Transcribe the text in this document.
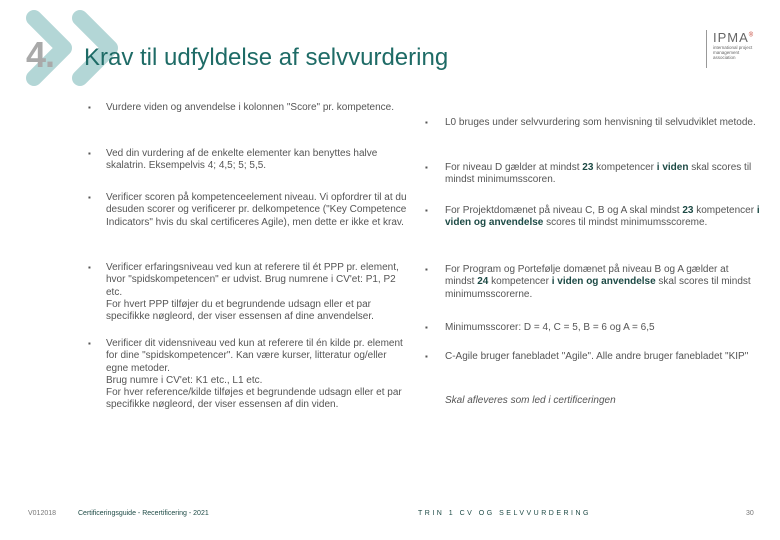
4. Krav til udfyldelse af selvvurdering
IPMA®
international project management association
▪ Vurdere viden og anvendelse i kolonnen "Score" pr. kompetence.
▪ Ved din vurdering af de enkelte elementer kan benyttes halve skalatrin. Eksempelvis 4; 4,5; 5; 5,5.
▪ Verificer scoren på kompetenceelement niveau. Vi opfordrer til at du desuden scorer og verificerer pr. delkompetence ("Key Competence Indicators" hvis du skal certificeres Agile), men dette er ikke et krav.
▪ Verificer erfaringsniveau ved kun at referere til ét PPP pr. element, hvor "spidskompetencen" er udvist. Brug numrene i CV'et: P1, P2 etc.
For hvert PPP tilføjer du et begrundende udsagn eller et par specifikke nøgleord, der viser essensen af dine anvendelser.
▪ Verificer dit vidensniveau ved kun at referere til én kilde pr. element for dine "spidskompetencer". Kan være kurser, litteratur og/eller egne metoder.
Brug numre i CV'et: K1 etc., L1 etc.
For hver reference/kilde tilføjes et begrundende udsagn eller et par specifikke nøgleord, der viser essensen af din viden.
▪ L0 bruges under selvvurdering som henvisning til selvudviklet metode.
▪ For niveau D gælder at mindst 23 kompetencer i viden skal scores til mindst minimumsscoren.
▪ For Projektdomænet på niveau C, B og A skal mindst 23 kompetencer i viden og anvendelse scores til mindst minimumsscoreme.
▪ For Program og Portefølje domænet på niveau B og A gælder at mindst 24 kompetencer i viden og anvendelse skal scores til mindst minimumsscorerne.
▪ Minimumsscorer: D = 4, C = 5, B = 6 og A = 6,5
▪ C-Agile bruger fanebladet "Agile". Alle andre bruger fanebladet "KIP"
Skal afleveres som led i certificeringen
V012018	Certificeringsguide - Recertificering - 2021	TRIN 1 CV OG SELVVURDERING	30
